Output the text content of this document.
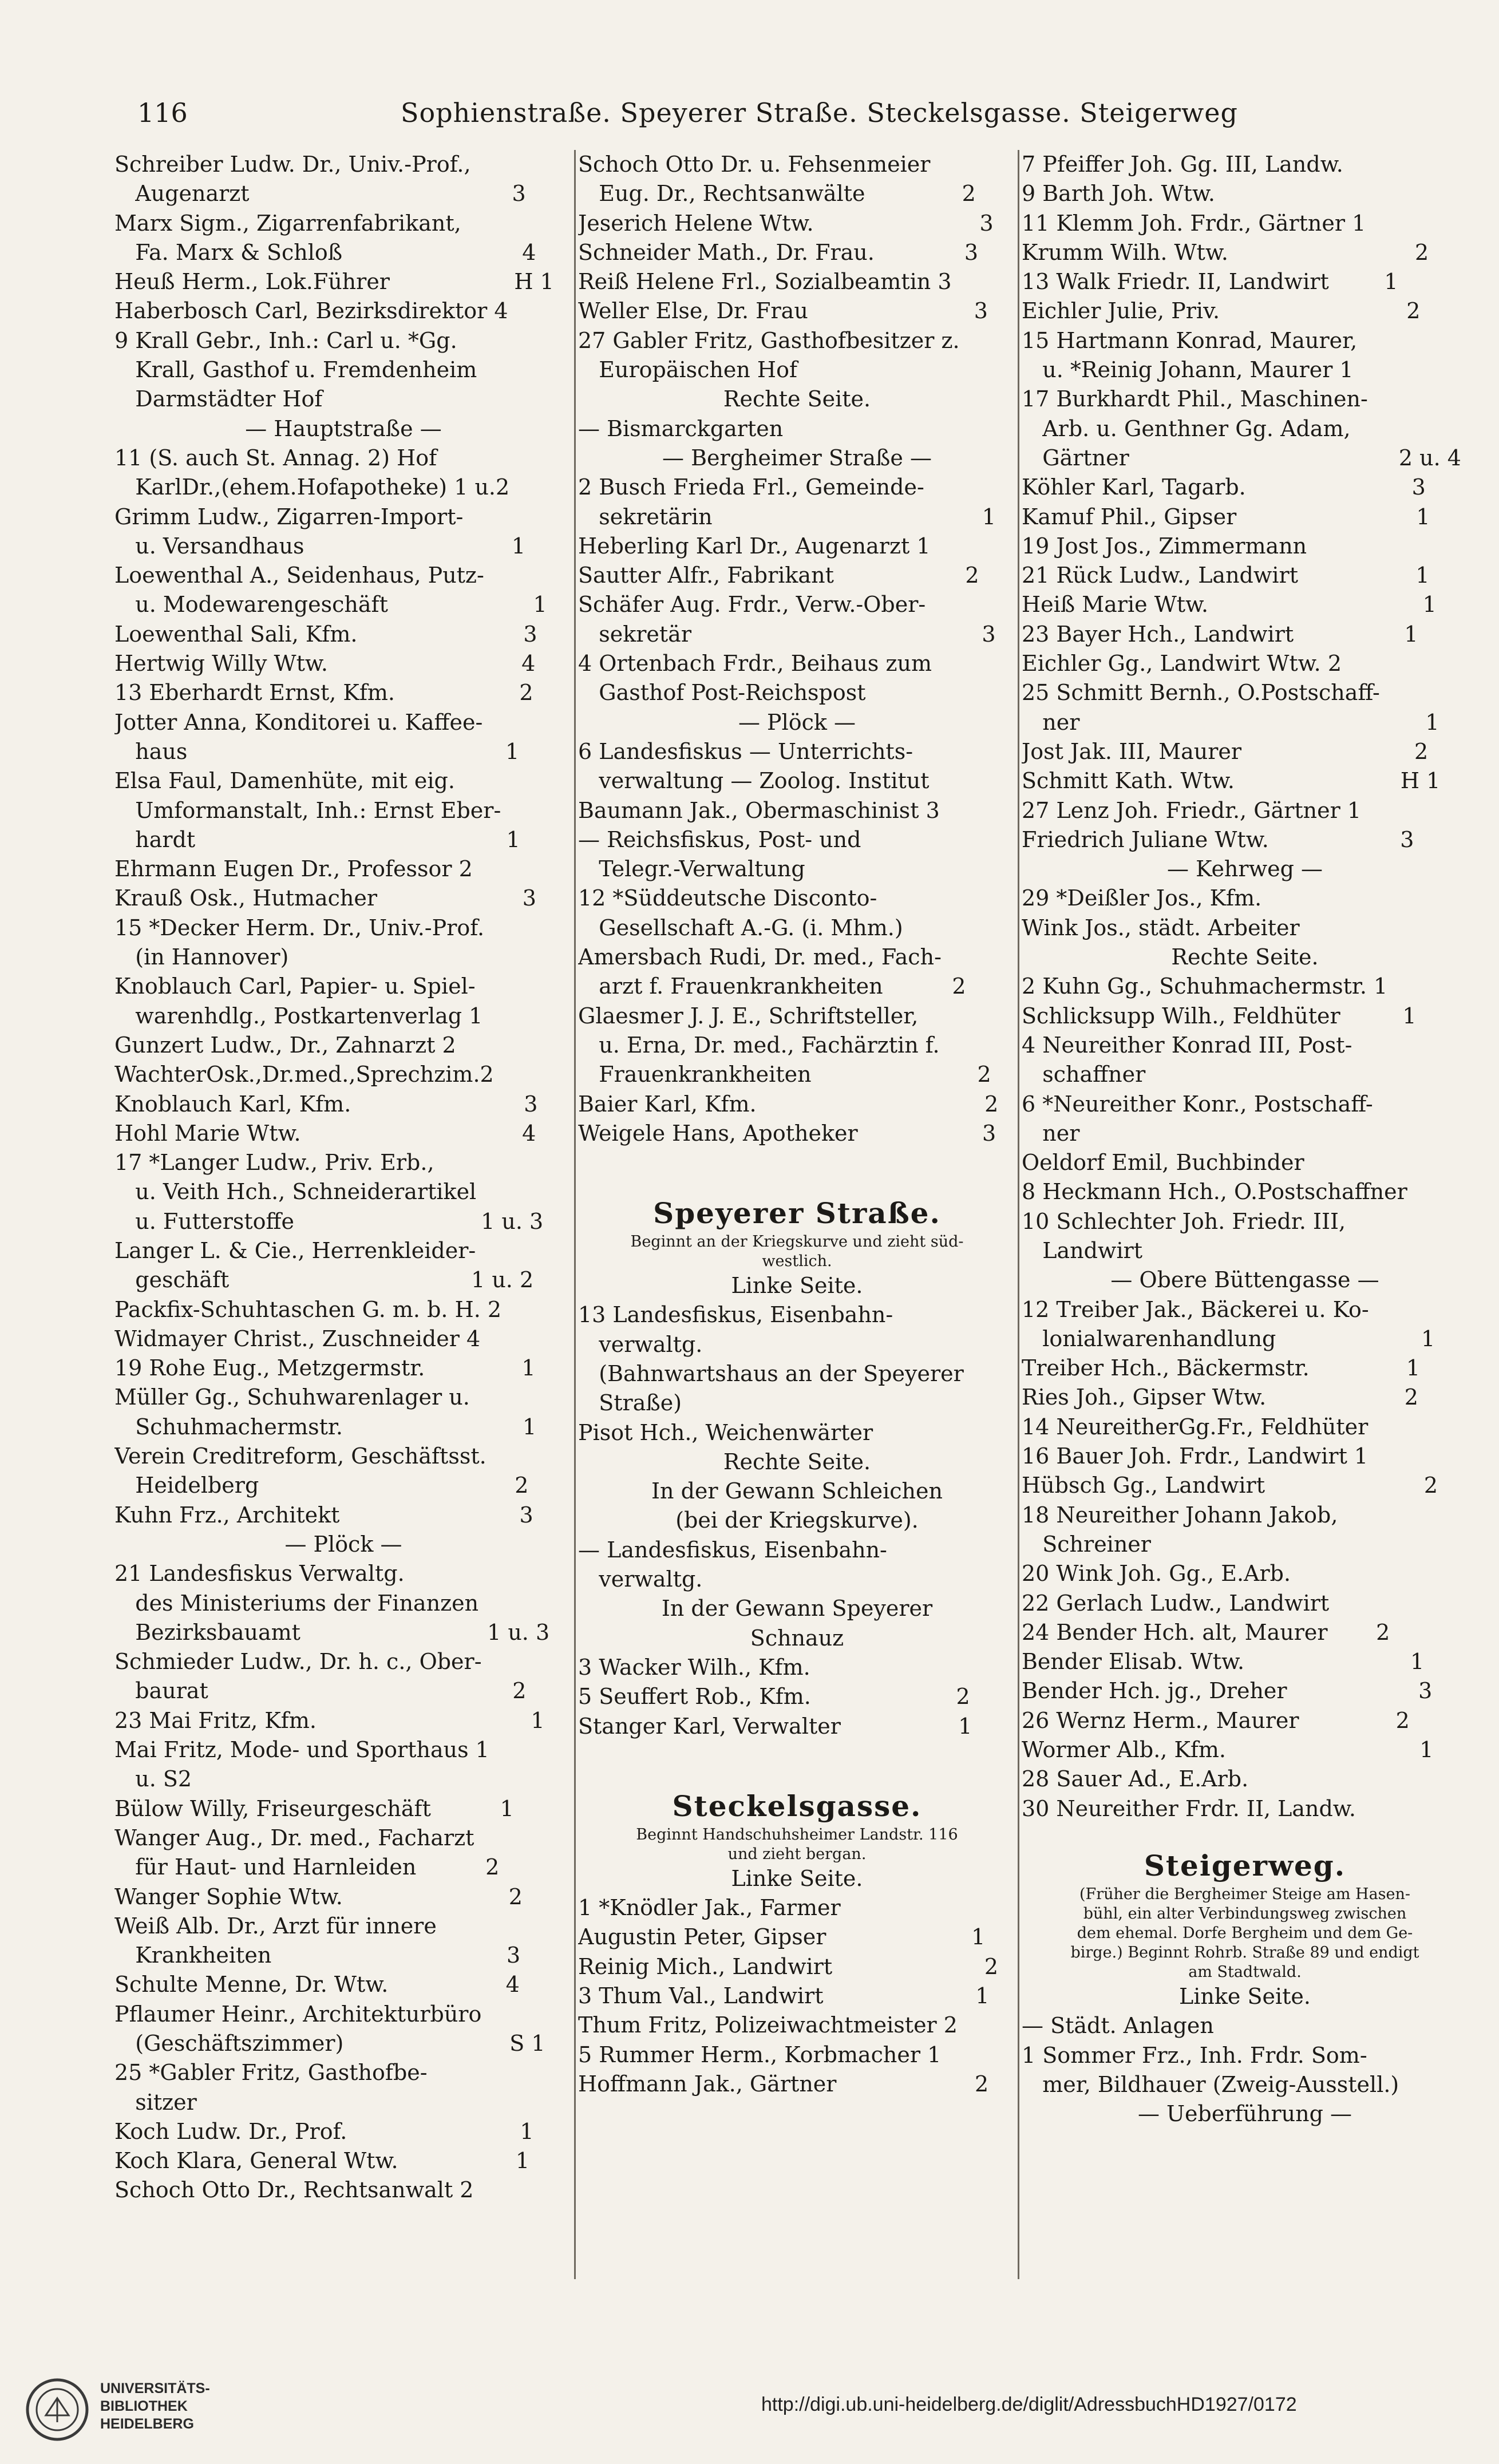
116	Sophienstraße. Speyerer Straße. Steckelsgasse. Steigerweg
Schreiber Ludw. Dr., Univ.-Prof.,
Augenarzt                                      3
Marx Sigm., Zigarrenfabrikant,
Fa. Marx & Schloß                          4
Heuß Herm., Lok.Führer                  H 1
Haberbosch Carl, Bezirksdirektor 4
9 Krall Gebr., Inh.: Carl u. *Gg.
Krall, Gasthof u. Fremdenheim
Darmstädter Hof
— Hauptstraße —
11 (S. auch St. Annag. 2) Hof
KarlDr.,(ehem.Hofapotheke) 1 u.2
Grimm Ludw., Zigarren-Import-
u. Versandhaus                              1
Loewenthal A., Seidenhaus, Putz-
u. Modewarengeschäft                     1
Loewenthal Sali, Kfm.                        3
Hertwig Willy Wtw.                            4
13 Eberhardt Ernst, Kfm.                  2
Jotter Anna, Konditorei u. Kaffee-
haus                                              1
Elsa Faul, Damenhüte, mit eig.
Umformanstalt, Inh.: Ernst Eber-
hardt                                             1
Ehrmann Eugen Dr., Professor 2
Krauß Osk., Hutmacher                     3
15 *Decker Herm. Dr., Univ.-Prof.
(in Hannover)
Knoblauch Carl, Papier- u. Spiel-
warenhdlg., Postkartenverlag 1
Gunzert Ludw., Dr., Zahnarzt 2
WachterOsk.,Dr.med.,Sprechzim.2
Knoblauch Karl, Kfm.                         3
Hohl Marie Wtw.                                4
17 *Langer Ludw., Priv. Erb.,
u. Veith Hch., Schneiderartikel
u. Futterstoffe                           1 u. 3
Langer L. & Cie., Herrenkleider-
geschäft                                   1 u. 2
Packfix-Schuhtaschen G. m. b. H. 2
Widmayer Christ., Zuschneider 4
19 Rohe Eug., Metzgermstr.              1
Müller Gg., Schuhwarenlager u.
Schuhmachermstr.                          1
Verein Creditreform, Geschäftsst.
Heidelberg                                     2
Kuhn Frz., Architekt                          3
— Plöck —
21 Landesfiskus Verwaltg.
des Ministeriums der Finanzen
Bezirksbauamt                           1 u. 3
Schmieder Ludw., Dr. h. c., Ober-
baurat                                            2
23 Mai Fritz, Kfm.                               1
Mai Fritz, Mode- und Sporthaus 1
u. S2
Bülow Willy, Friseurgeschäft          1
Wanger Aug., Dr. med., Facharzt
für Haut- und Harnleiden          2
Wanger Sophie Wtw.                        2
Weiß Alb. Dr., Arzt für innere
Krankheiten                                  3
Schulte Menne, Dr. Wtw.                 4
Pflaumer Heinr., Architekturbüro
(Geschäftszimmer)                        S 1
25 *Gabler Fritz, Gasthofbe-
sitzer
Koch Ludw. Dr., Prof.                         1
Koch Klara, General Wtw.                 1
Schoch Otto Dr., Rechtsanwalt 2
Schoch Otto Dr. u. Fehsenmeier
Eug. Dr., Rechtsanwälte              2
Jeserich Helene Wtw.                        3
Schneider Math., Dr. Frau.             3
Reiß Helene Frl., Sozialbeamtin 3
Weller Else, Dr. Frau                        3
27 Gabler Fritz, Gasthofbesitzer z.
Europäischen Hof
Rechte Seite.
— Bismarckgarten
— Bergheimer Straße —
2 Busch Frieda Frl., Gemeinde-
sekretärin                                       1
Heberling Karl Dr., Augenarzt 1
Sautter Alfr., Fabrikant                   2
Schäfer Aug. Frdr., Verw.-Ober-
sekretär                                          3
4 Ortenbach Frdr., Beihaus zum
Gasthof Post-Reichspost
— Plöck —
6 Landesfiskus — Unterrichts-
verwaltung — Zoolog. Institut
Baumann Jak., Obermaschinist 3
— Reichsfiskus, Post- und
Telegr.-Verwaltung
12 *Süddeutsche Disconto-
Gesellschaft A.-G. (i. Mhm.)
Amersbach Rudi, Dr. med., Fach-
arzt f. Frauenkrankheiten          2
Glaesmer J. J. E., Schriftsteller,
u. Erna, Dr. med., Fachärztin f.
Frauenkrankheiten                        2
Baier Karl, Kfm.                                 2
Weigele Hans, Apotheker                  3
Speyerer Straße.
Beginnt an der Kriegskurve und zieht süd-
westlich.
Linke Seite.
13 Landesfiskus, Eisenbahn-
verwaltg.
(Bahnwartshaus an der Speyerer
Straße)
Pisot Hch., Weichenwärter
Rechte Seite.
In der Gewann Schleichen
(bei der Kriegskurve).
— Landesfiskus, Eisenbahn-
verwaltg.
In der Gewann Speyerer
Schnauz
3 Wacker Wilh., Kfm.
5 Seuffert Rob., Kfm.                     2
Stanger Karl, Verwalter                 1
Steckelsgasse.
Beginnt Handschuhsheimer Landstr. 116
und zieht bergan.
Linke Seite.
1 *Knödler Jak., Farmer
Augustin Peter, Gipser                     1
Reinig Mich., Landwirt                      2
3 Thum Val., Landwirt                      1
Thum Fritz, Polizeiwachtmeister 2
5 Rummer Herm., Korbmacher 1
Hoffmann Jak., Gärtner                    2
7 Pfeiffer Joh. Gg. III, Landw.
9 Barth Joh. Wtw.
11 Klemm Joh. Frdr., Gärtner 1
Krumm Wilh. Wtw.                           2
13 Walk Friedr. II, Landwirt        1
Eichler Julie, Priv.                           2
15 Hartmann Konrad, Maurer,
u. *Reinig Johann, Maurer 1
17 Burkhardt Phil., Maschinen-
Arb. u. Genthner Gg. Adam,
Gärtner                                       2 u. 4
Köhler Karl, Tagarb.                        3
Kamuf Phil., Gipser                          1
19 Jost Jos., Zimmermann
21 Rück Ludw., Landwirt                 1
Heiß Marie Wtw.                               1
23 Bayer Hch., Landwirt                1
Eichler Gg., Landwirt Wtw. 2
25 Schmitt Bernh., O.Postschaff-
ner                                                  1
Jost Jak. III, Maurer                         2
Schmitt Kath. Wtw.                        H 1
27 Lenz Joh. Friedr., Gärtner 1
Friedrich Juliane Wtw.                   3
— Kehrweg —
29 *Deißler Jos., Kfm.
Wink Jos., städt. Arbeiter
Rechte Seite.
2 Kuhn Gg., Schuhmachermstr. 1
Schlicksupp Wilh., Feldhüter         1
4 Neureither Konrad III, Post-
schaffner
6 *Neureither Konr., Postschaff-
ner
Oeldorf Emil, Buchbinder
8 Heckmann Hch., O.Postschaffner
10 Schlechter Joh. Friedr. III,
Landwirt
— Obere Büttengasse —
12 Treiber Jak., Bäckerei u. Ko-
lonialwarenhandlung                     1
Treiber Hch., Bäckermstr.              1
Ries Joh., Gipser Wtw.                    2
14 NeureitherGg.Fr., Feldhüter
16 Bauer Joh. Frdr., Landwirt 1
Hübsch Gg., Landwirt                       2
18 Neureither Johann Jakob,
Schreiner
20 Wink Joh. Gg., E.Arb.
22 Gerlach Ludw., Landwirt
24 Bender Hch. alt, Maurer       2
Bender Elisab. Wtw.                        1
Bender Hch. jg., Dreher                   3
26 Wernz Herm., Maurer              2
Wormer Alb., Kfm.                            1
28 Sauer Ad., E.Arb.
30 Neureither Frdr. II, Landw.
Steigerweg.
(Früher die Bergheimer Steige am Hasen-
bühl, ein alter Verbindungsweg zwischen
dem ehemal. Dorfe Bergheim und dem Ge-
birge.) Beginnt Rohrb. Straße 89 und endigt
am Stadtwald.
Linke Seite.
— Städt. Anlagen
1 Sommer Frz., Inh. Frdr. Som-
mer, Bildhauer (Zweig-Ausstell.)
— Ueberführung —
UNIVERSITÄTS-
BIBLIOTHEK
HEIDELBERG
http://digi.ub.uni-heidelberg.de/diglit/AdressbuchHD1927/0172
